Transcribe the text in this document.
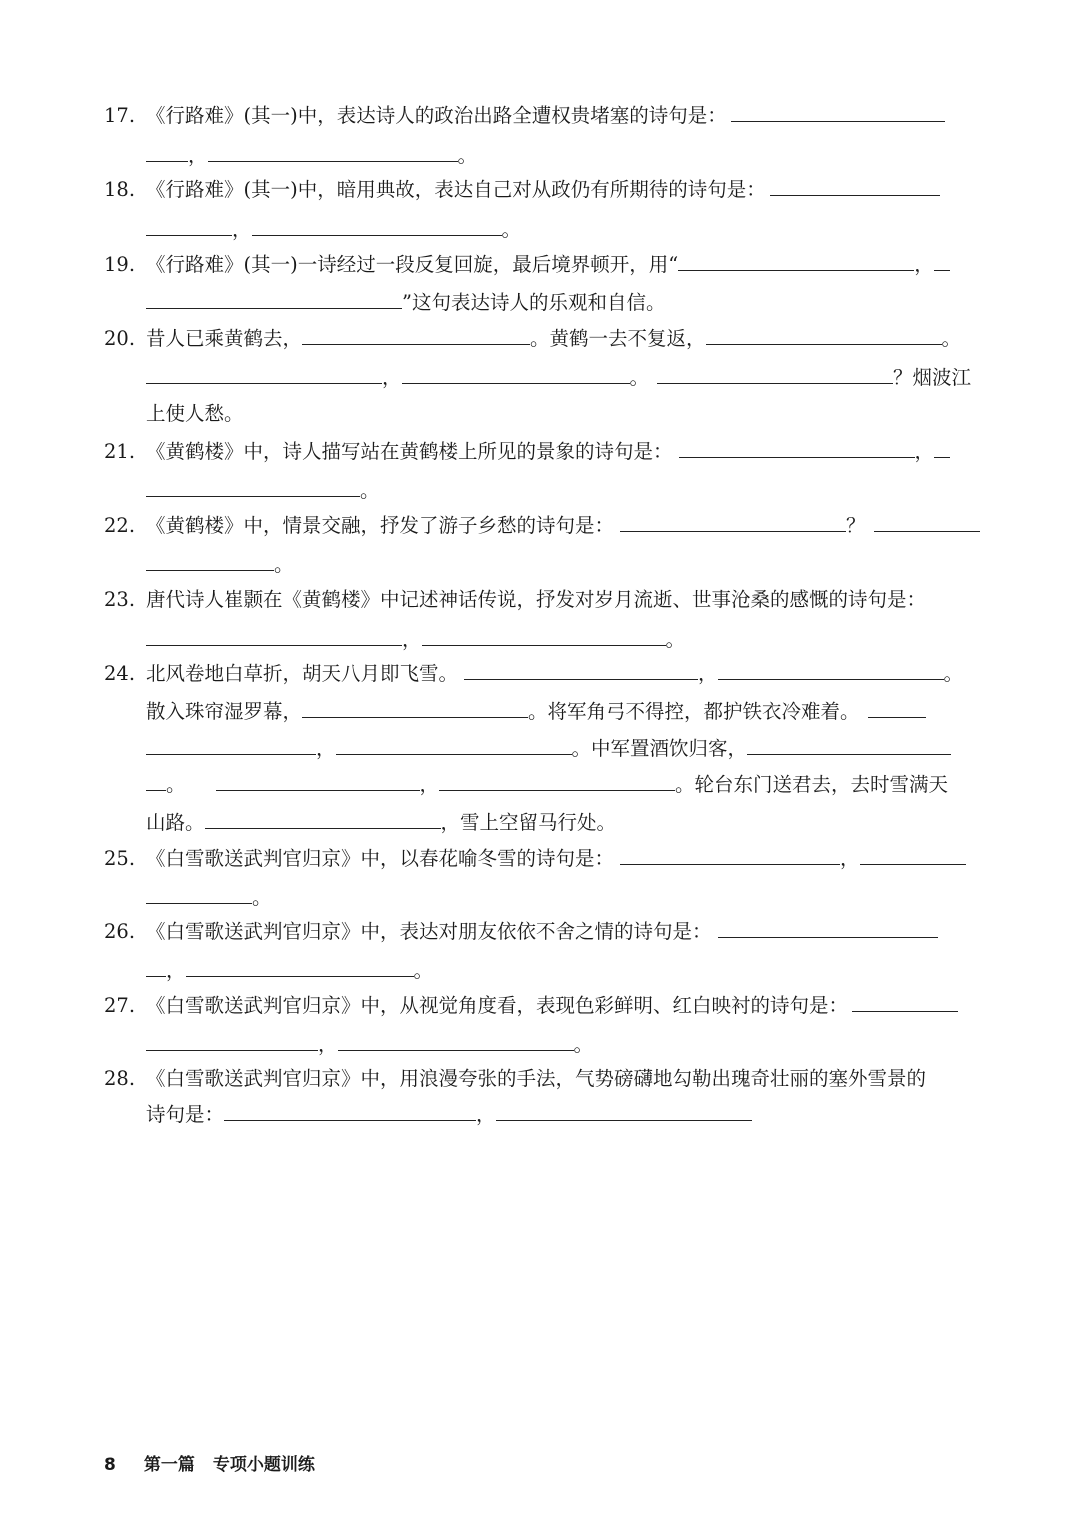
17. 《行路难》(其一)中，表达诗人的政治出路全遭权贵堵塞的诗句是：
，	。
18. 《行路难》(其一)中，暗用典故，表达自己对从政仍有所期待的诗句是：
，	。
19. 《行路难》(其一)一诗经过一段反复回旋，最后境界顿开，用“	，
”这句表达诗人的乐观和自信。
20. 昔人已乘黄鹤去，	。黄鹤一去不复返，	。
，	。	？烟波江
上使人愁。
21. 《黄鹤楼》中，诗人描写站在黄鹤楼上所见的景象的诗句是：	，
。
22. 《黄鹤楼》中，情景交融，抒发了游子乡愁的诗句是：	？
。
23. 唐代诗人崔颢在《黄鹤楼》中记述神话传说，抒发对岁月流逝、世事沧桑的感慨的诗句是：
，	。
24. 北风卷地白草折，胡天八月即飞雪。	，	。
散入珠帘湿罗幕，	。将军角弓不得控，都护铁衣冷难着。
，	。中军置酒饮归客，
。	，	。轮台东门送君去，去时雪满天
山路。	，雪上空留马行处。
25. 《白雪歌送武判官归京》中，以春花喻冬雪的诗句是：	，
。
26. 《白雪歌送武判官归京》中，表达对朋友依依不舍之情的诗句是：
，	。
27. 《白雪歌送武判官归京》中，从视觉角度看，表现色彩鲜明、红白映衬的诗句是：
，	。
28. 《白雪歌送武判官归京》中，用浪漫夸张的手法，气势磅礴地勾勒出瑰奇壮丽的塞外雪景的
诗句是：	，
8 第一篇 专项小题训练
